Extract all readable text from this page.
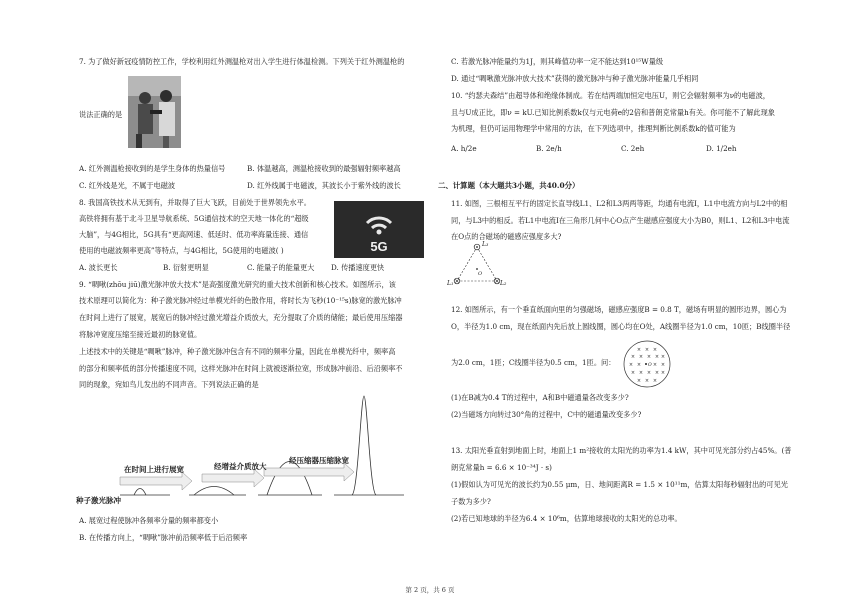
7. 为了做好新冠疫情防控工作，学校利用红外测温枪对出入学生进行体温检测。下列关于红外测温枪的
说法正确的是
A. 红外测温枪接收到的是学生身体的热量信号	B. 体温越高，测温枪接收到的最强辐射频率越高
C. 红外线是光，不属于电磁波	D. 红外线属于电磁波，其波长小于紫外线的波长
8. 我国高铁技术从无到有，并取得了巨大飞跃，目前处于世界领先水平。
高铁将拥有基于北斗卫星导航系统、5G通信技术的空天地一体化的“超级
大脑”，与4G相比，5G具有“更高网速、低延时、低功率海量连接、通信
使用的电磁波频率更高”等特点，与4G相比，5G使用的电磁波( )	5G
A. 波长更长	B. 衍射更明显	C. 能量子的能量更大 D. 传播速度更快
9. “啁啾(zhōu jiū)激光脉冲放大技术”是高强度激光研究的重大技术创新和核心技术。如图所示，该
技术原理可以简化为：种子激光脉冲经过单模光纤的色散作用，将时长为飞秒(10⁻¹⁵s)脉宽的激光脉冲
在时间上进行了展宽，展宽后的脉冲经过激光增益介质放大，充分提取了介质的储能；最后使用压缩器
将脉冲宽度压缩至接近最初的脉宽值。
上述技术中的关键是“啁啾”脉冲，种子激光脉冲包含有不同的频率分量，因此在单模光纤中，频率高
的部分和频率低的部分传播速度不同，这样光脉冲在时间上就被逐渐拉宽，形成脉冲前沿、后沿频率不
同的现象，宛如鸟儿发出的不同声音。下列说法正确的是
在时间上进行展宽	经增益介质放大
经压缩器压缩脉宽
种子激光脉冲
A. 展宽过程使脉冲各频率分量的频率都变小
B. 在传播方向上，“啁啾”脉冲前沿频率低于后沿频率
C. 若激光脉冲能量约为1J，则其峰值功率一定不能达到10¹⁵W量级
D. 通过“啁啾激光脉冲放大技术”获得的激光脉冲与种子激光脉冲能量几乎相同
10. “约瑟夫森结”由超导体和绝缘体制成。若在结两端加恒定电压U，则它会辐射频率为ν的电磁波，
且与U成正比，即ν = kU.已知比例系数k仅与元电荷e的2倍和普朗克常量h有关。你可能不了解此现象
为机理，但仍可运用物理学中常用的方法，在下列选项中，推理判断比例系数k的值可能为
A. h/2e	B. 2e/h	C. 2eh	D. 1/2eh
二、计算题（本大题共3小题，共40.0分）
11. 如图，三根相互平行的固定长直导线L1、L2和L3两两等距，均通有电流I，L1中电流方向与L2中的相
同，与L3中的相反。若L1中电流I在三角形几何中心O点产生磁感应强度大小为B0，则L1、L2和L3中电流
在O点的合磁场的磁感应强度多大?
L₃
L₁	L₂
O
12. 如图所示，有一个垂直纸面向里的匀强磁场，磁感应强度B = 0.8 T，磁场有明显的圆形边界，圆心为
O，半径为1.0 cm，现在纸面内先后放上圆线圈，圆心均在O处，A线圈半径为1.0 cm，10匝；B线圈半径
为2.0 cm，1匝；C线圈半径为0.5 cm，1匝。问：
× × ×
× × × × ×
× × × ×
× × × × ×
× × ×
O
(1)在B减为0.4 T的过程中，A和B中磁通量各改变多少?
(2)当磁场方向转过30°角的过程中，C中的磁通量改变多少?
13. 太阳光垂直射到地面上时，地面上1 m²接收的太阳光的功率为1.4 kW，其中可见光部分约占45%。(普
朗克常量h = 6.6 × 10⁻³⁴J · s)
(1)假如认为可见光的波长约为0.55 μm，日、地间距离R = 1.5 × 10¹¹m，估算太阳每秒辐射出的可见光
子数为多少?
(2)若已知地球的半径为6.4 × 10⁶m，估算地球接收的太阳光的总功率。
第 2 页，共 6 页
